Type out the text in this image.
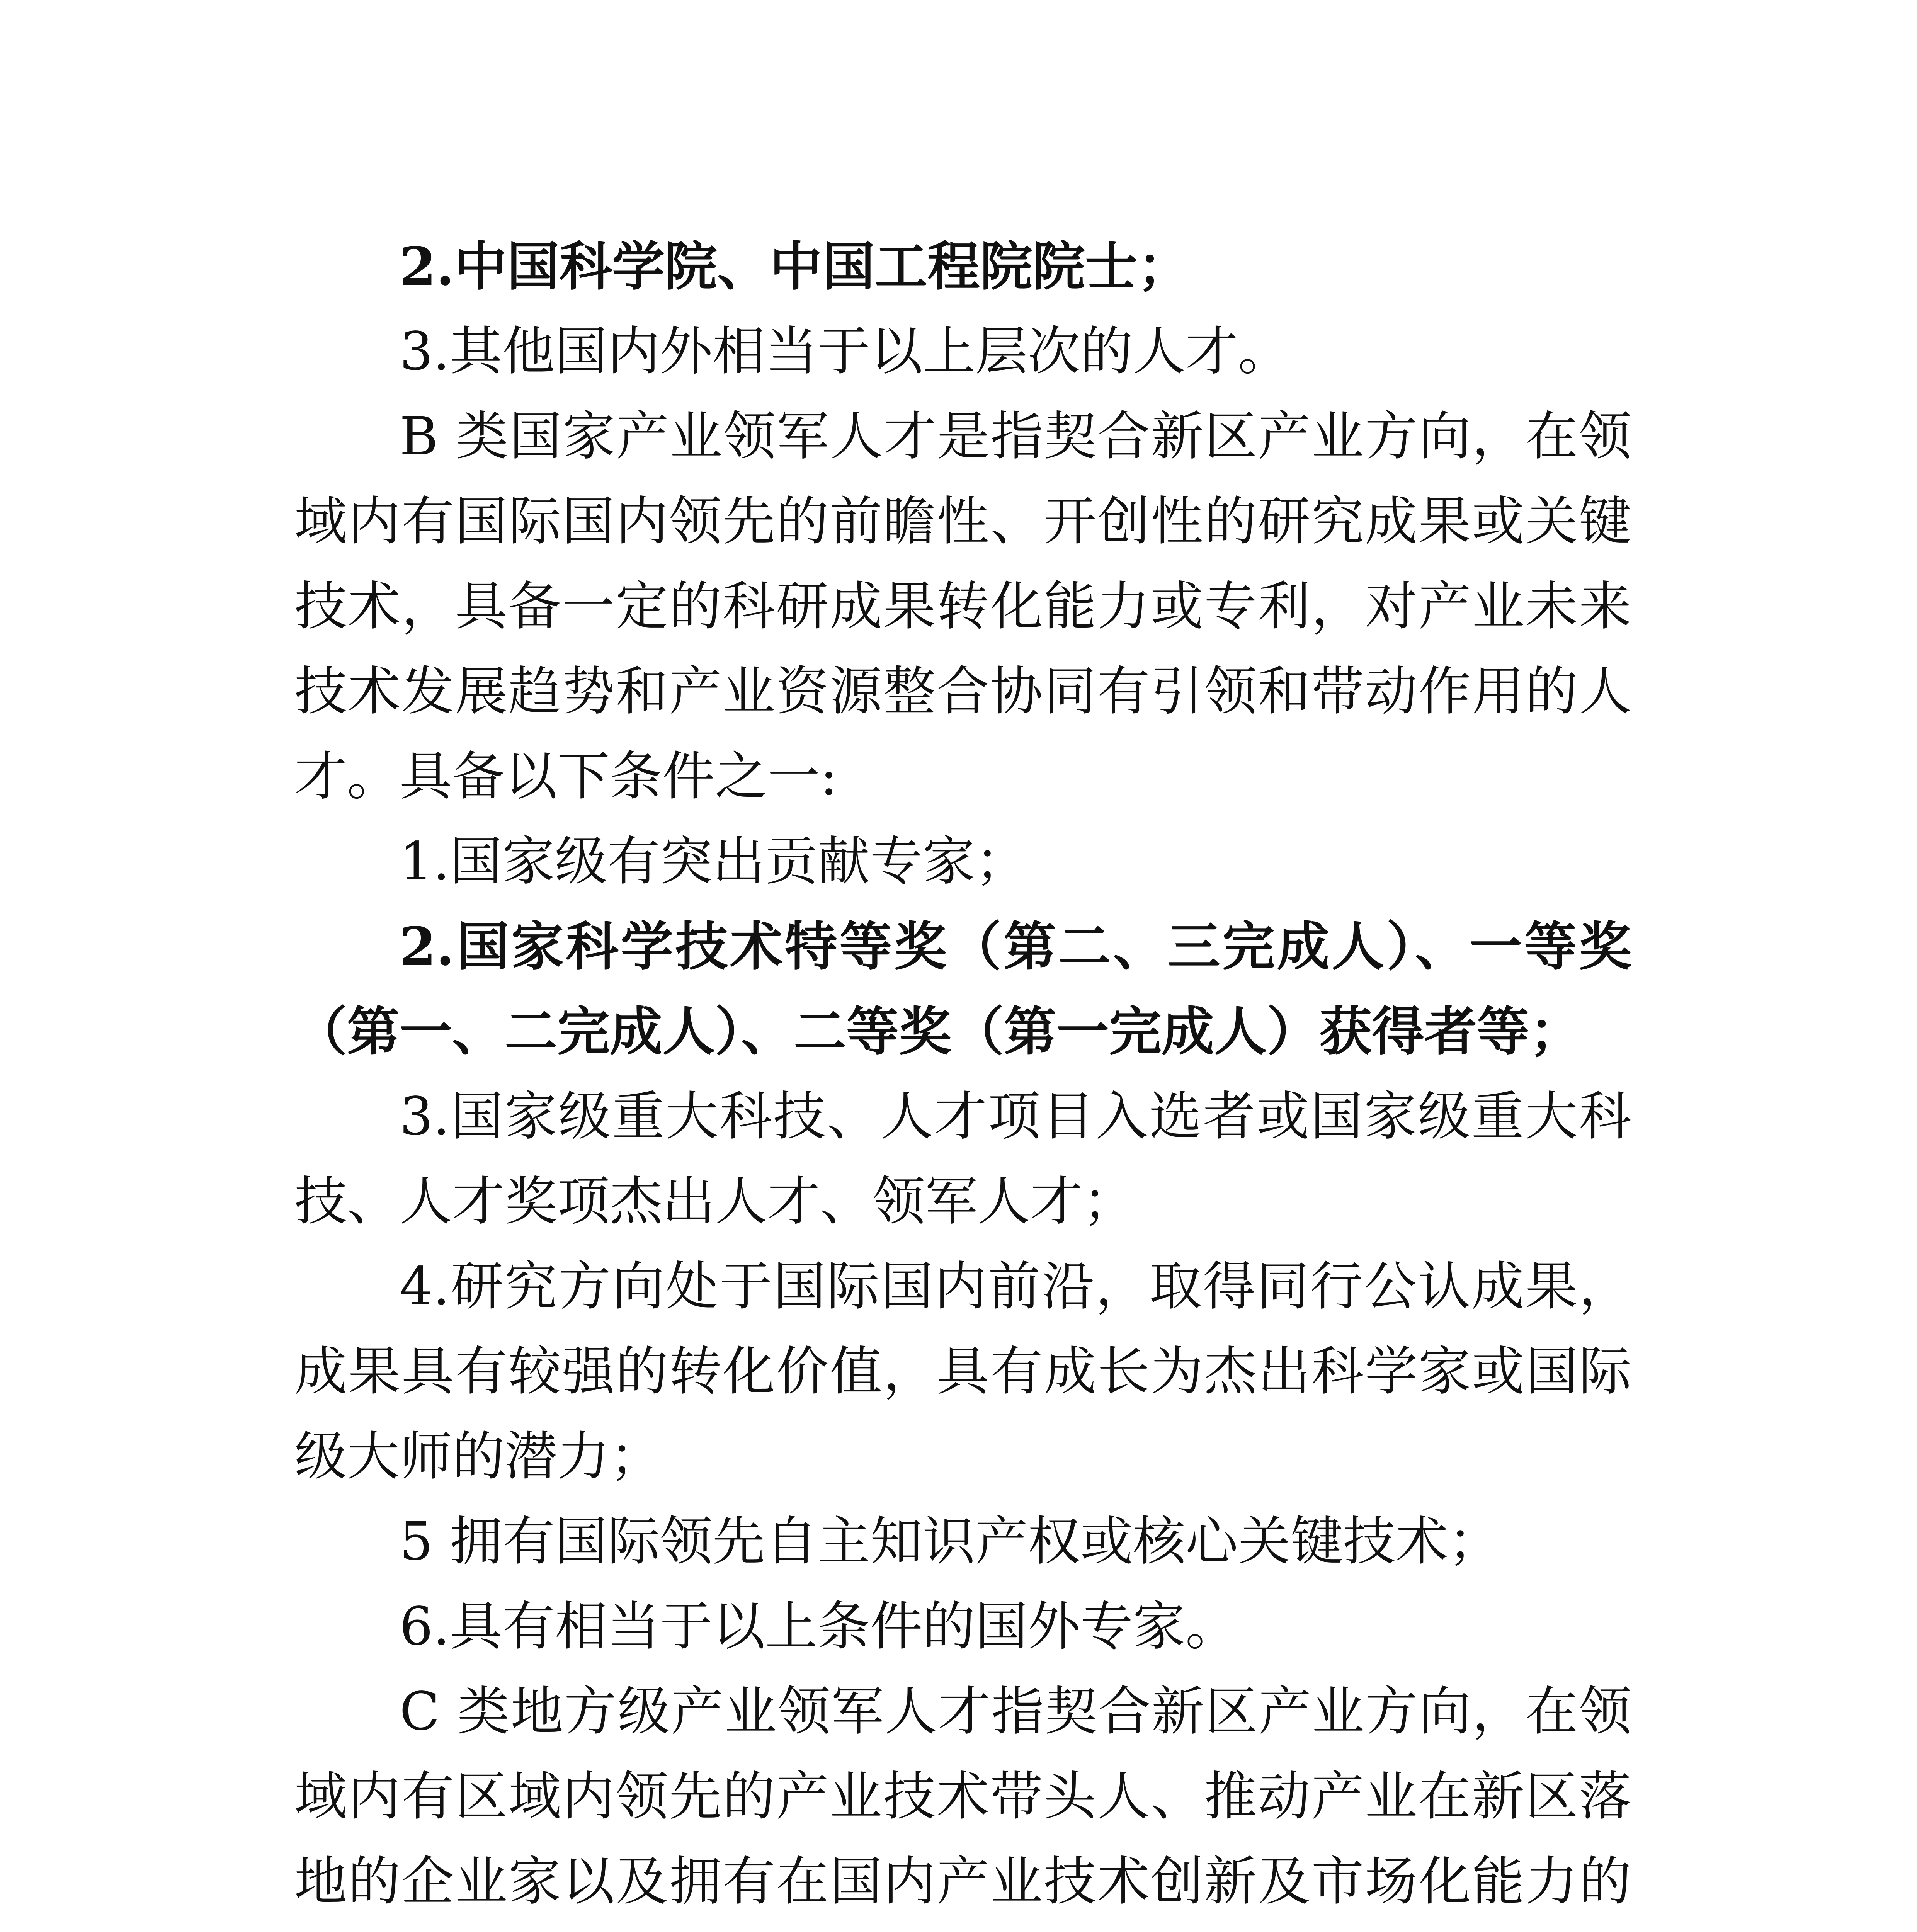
2.中国科学院、中国工程院院士；

3.其他国内外相当于以上层次的人才。

B 类国家产业领军人才是指契合新区产业方向，在领域内有国际国内领先的前瞻性、开创性的研究成果或关键技术，具备一定的科研成果转化能力或专利，对产业未来技术发展趋势和产业资源整合协同有引领和带动作用的人才。具备以下条件之一:

1.国家级有突出贡献专家；

2.国家科学技术特等奖（第二、三完成人）、一等奖（第一、二完成人）、二等奖（第一完成人）获得者等；

3.国家级重大科技、人才项目入选者或国家级重大科技、人才奖项杰出人才、领军人才；

4.研究方向处于国际国内前沿，取得同行公认成果，成果具有较强的转化价值，具有成长为杰出科学家或国际级大师的潜力；

5 拥有国际领先自主知识产权或核心关键技术；

6.具有相当于以上条件的国外专家。

C 类地方级产业领军人才指契合新区产业方向，在领域内有区域内领先的产业技术带头人、推动产业在新区落地的企业家以及拥有在国内产业技术创新及市场化能力的
